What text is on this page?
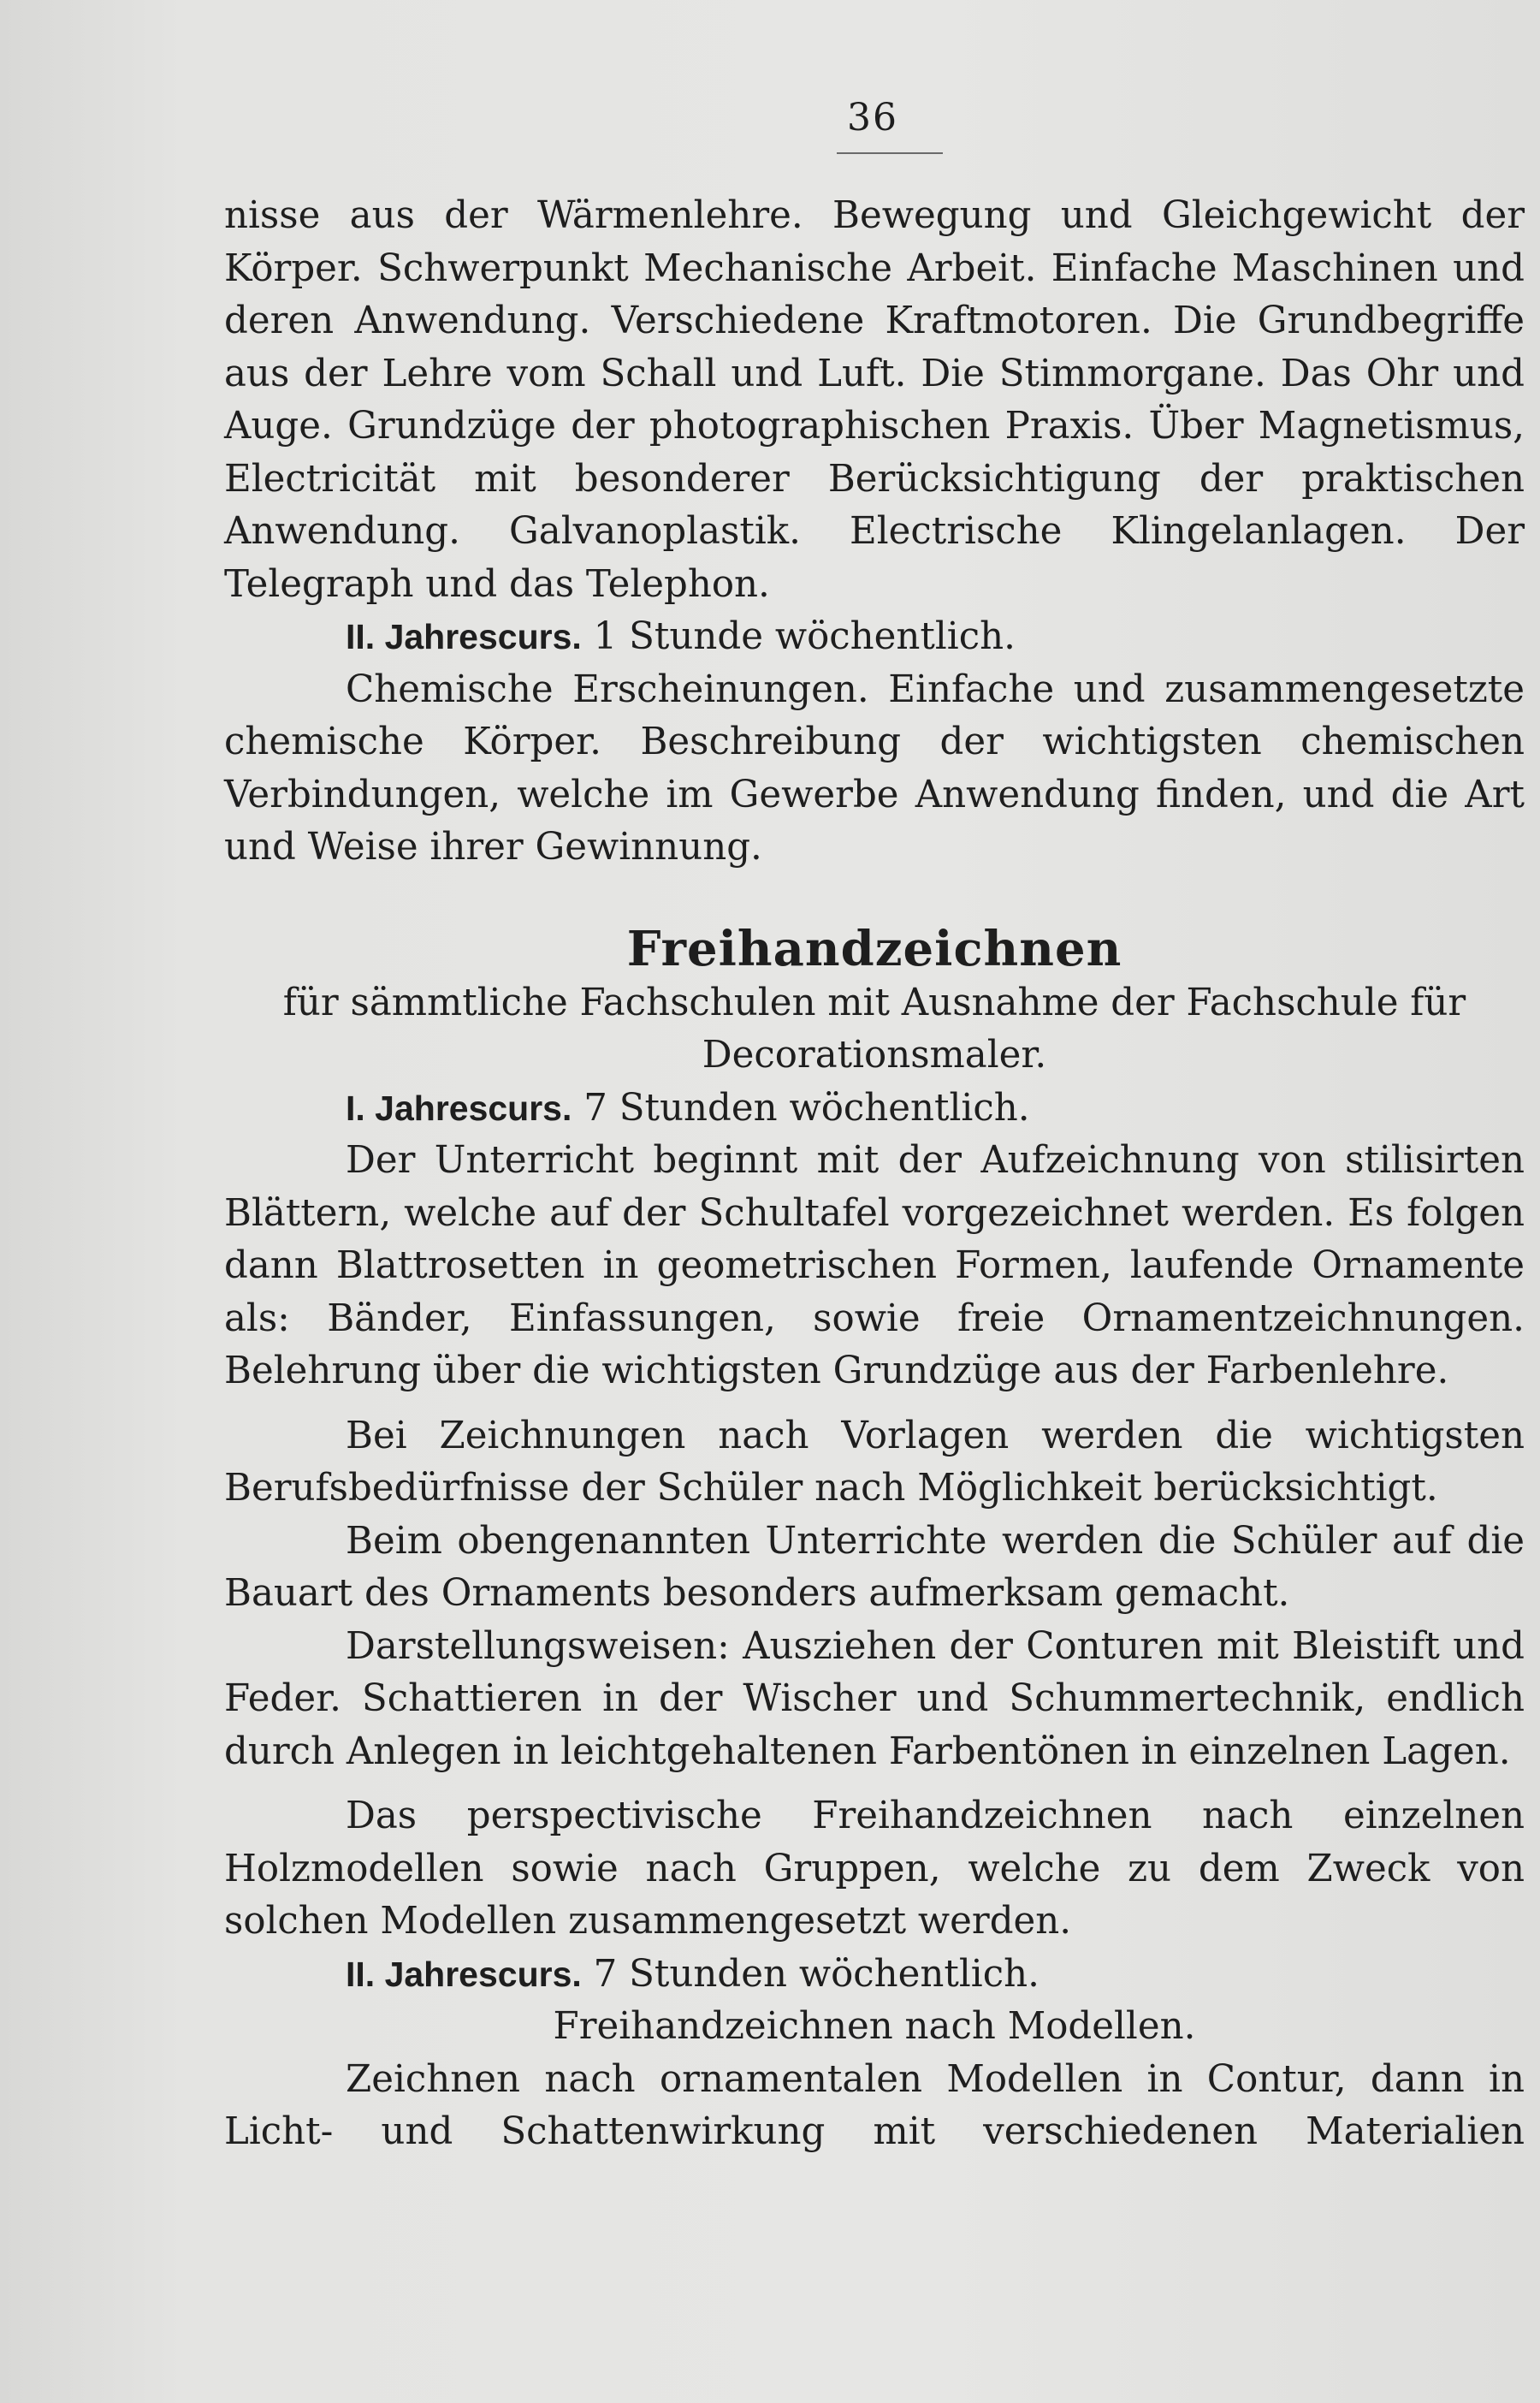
36

nisse aus der Wärmenlehre. Bewegung und Gleichgewicht der Körper. Schwerpunkt Mechanische Arbeit. Einfache Maschinen und deren Anwendung. Verschiedene Kraftmotoren. Die Grundbegriffe aus der Lehre vom Schall und Luft. Die Stimmorgane. Das Ohr und Auge. Grundzüge der photographischen Praxis. Über Magnetismus, Electricität mit besonderer Berücksichtigung der praktischen Anwendung. Galvanoplastik. Electrische Klingelanlagen. Der Telegraph und das Telephon.

II. Jahrescurs. 1 Stunde wöchentlich.

Chemische Erscheinungen. Einfache und zusammengesetzte chemische Körper. Beschreibung der wichtigsten chemischen Verbindungen, welche im Gewerbe Anwendung finden, und die Art und Weise ihrer Gewinnung.

Freihandzeichnen

für sämmtliche Fachschulen mit Ausnahme der Fachschule für Decorationsmaler.

I. Jahrescurs. 7 Stunden wöchentlich.

Der Unterricht beginnt mit der Aufzeichnung von stilisirten Blättern, welche auf der Schultafel vorgezeichnet werden. Es folgen dann Blattrosetten in geometrischen Formen, laufende Ornamente als: Bänder, Einfassungen, sowie freie Ornamentzeichnungen. Belehrung über die wichtigsten Grundzüge aus der Farbenlehre.

Bei Zeichnungen nach Vorlagen werden die wichtigsten Berufsbedürfnisse der Schüler nach Möglichkeit berücksichtigt.

Beim obengenannten Unterrichte werden die Schüler auf die Bauart des Ornaments besonders aufmerksam gemacht.

Darstellungsweisen: Ausziehen der Conturen mit Bleistift und Feder. Schattieren in der Wischer und Schummertechnik, endlich durch Anlegen in leichtgehaltenen Farbentönen in einzelnen Lagen.

Das perspectivische Freihandzeichnen nach einzelnen Holzmodellen sowie nach Gruppen, welche zu dem Zweck von solchen Modellen zusammengesetzt werden.

II. Jahrescurs. 7 Stunden wöchentlich.

Freihandzeichnen nach Modellen.

Zeichnen nach ornamentalen Modellen in Contur, dann in Licht- und Schattenwirkung mit verschiedenen Materialien
